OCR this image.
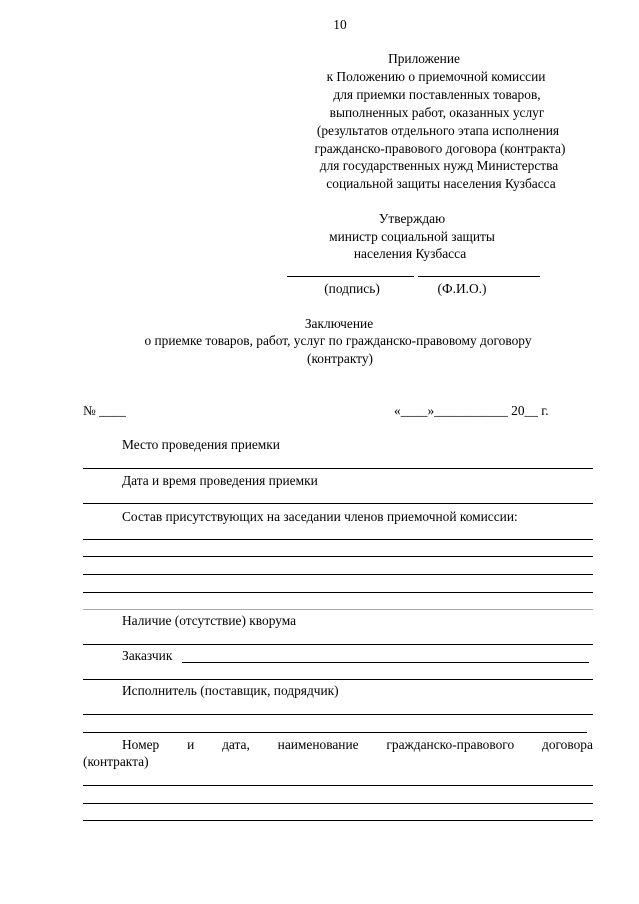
10
Приложение
к Положению о приемочной комиссии
для приемки поставленных товаров,
выполненных работ, оказанных услуг
(результатов отдельного этапа исполнения
гражданско-правового договора (контракта)
для государственных нужд Министерства
социальной защиты населения Кузбасса
Утверждаю
министр социальной защиты
населения Кузбасса
(подпись)	(Ф.И.О.)
Заключение
о приемке товаров, работ, услуг по гражданско-правовому договору
(контракту)
№ ____	«____»___________ 20__ г.
Место проведения приемки
Дата и время проведения приемки
Состав присутствующих на заседании членов приемочной комиссии:
Наличие (отсутствие) кворума
Заказчик
Исполнитель (поставщик, подрядчик)
Номер и дата, наименование гражданско-правового договора
(контракта)
